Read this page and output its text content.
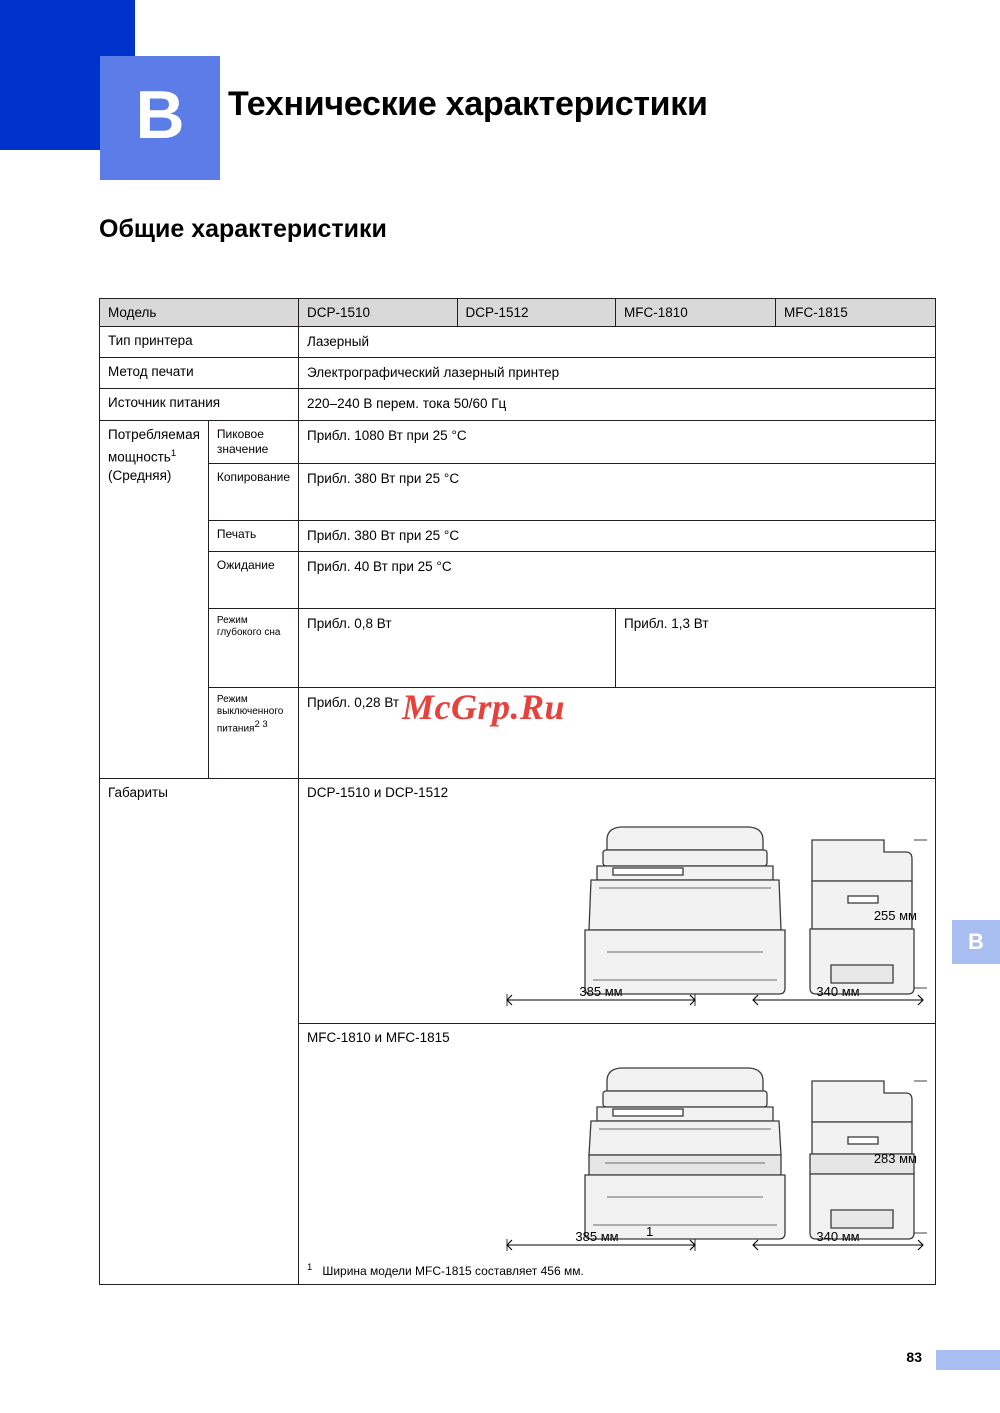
B	Технические характеристики
Общие характеристики
Модель		DCP-1510	DCP-1512	MFC-1810	MFC-1815
Тип принтера		Лазерный			
Метод печати		Электрографический лазерный принтер			
Источник питания		220–240 В перем. тока 50/60 Гц			

Потребляемая
мощность$^1$
(Средняя)	Пиковое значение	Прибл. 1080 Вт при 25 °C			
	Копирование	Прибл. 380 Вт при 25 °C			
	Печать	Прибл. 380 Вт при 25 °C			
	Ожидание	Прибл. 40 Вт при 25 °C			
	Режим глубокого сна	Прибл. 0,8 Вт		Прибл. 1,3 Вт	
	Режим выключенного питания2 3	Прибл. 0,28 Вт			
Габариты		DCP-1510 и DCP-1512
255 мм
385 мм 340 мм			

MFC-1810 и MFC-1815
283 мм
385 мм 1	340 мм
$^1$ Ширина модели MFC-1815 составляет 456 мм.
McGrp.Ru
B
83
